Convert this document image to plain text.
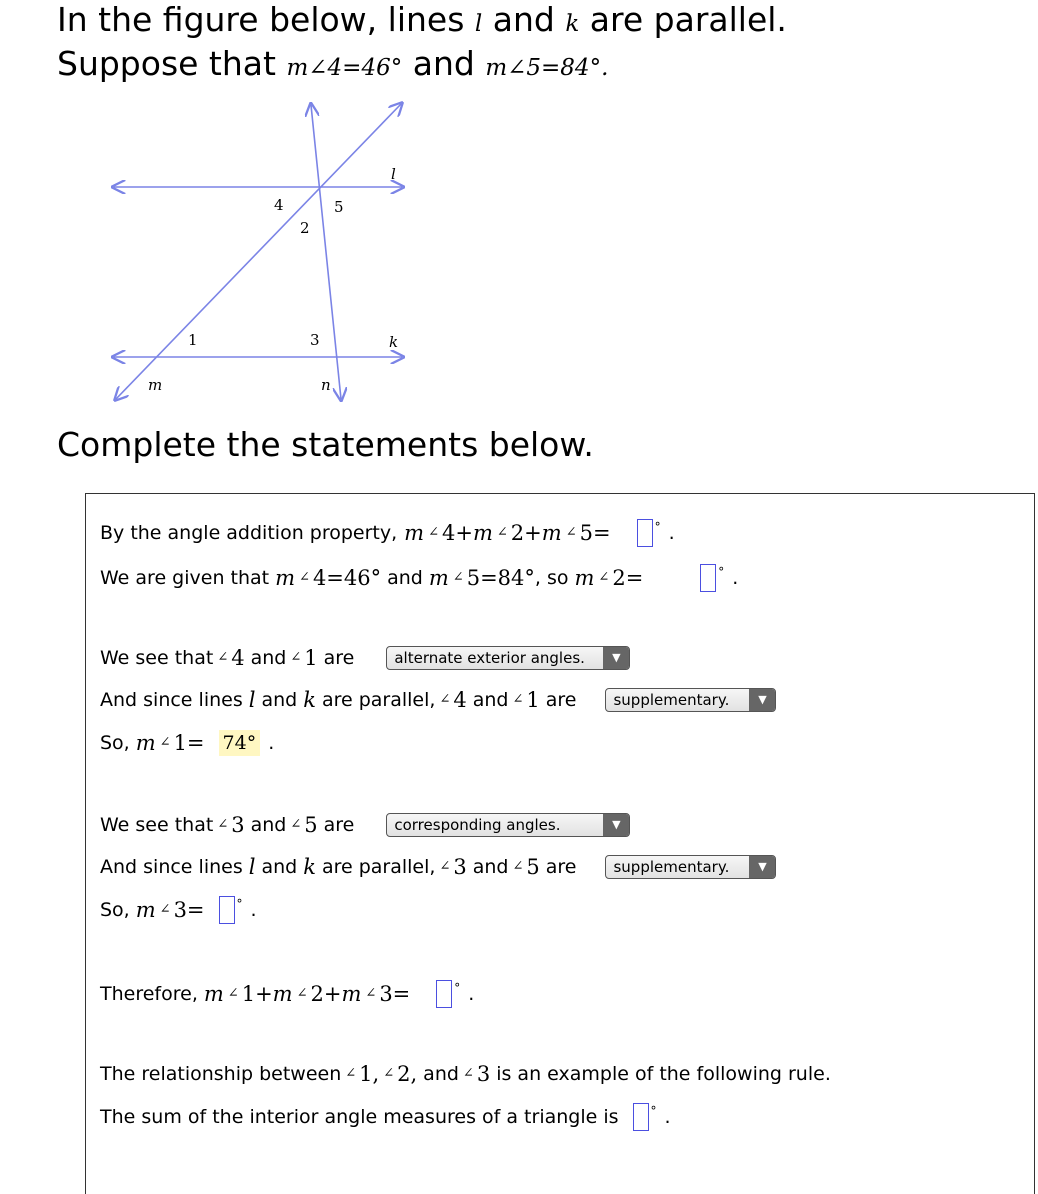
In the figure below, lines l and k are parallel.
Suppose that m∠4=46° and m∠5=84°.
l
k
m	n
1
2
3
4	5
Complete the statements below.
By the angle addition property, m ∠ 4 + m ∠ 2 + m ∠ 5 =	° .
We are given that m ∠ 4=46° and m ∠ 5=84° , so m ∠ 2=	° .
We see that ∠ 4 and ∠ 1 are	alternate exterior angles.	▼
And since lines l and k are parallel, ∠ 4 and ∠ 1 are	supplementary.	▼
So, m ∠ 1= 74° .
We see that ∠ 3 and ∠ 5 are	corresponding angles.	▼
And since lines l and k are parallel, ∠ 3 and ∠ 5 are	supplementary.	▼
So, m ∠ 3=	° .
Therefore, m ∠ 1 + m ∠ 2 + m ∠ 3=	° .
The relationship between ∠ 1, ∠ 2, and ∠ 3 is an example of the following rule.
The sum of the interior angle measures of a triangle is	° .
